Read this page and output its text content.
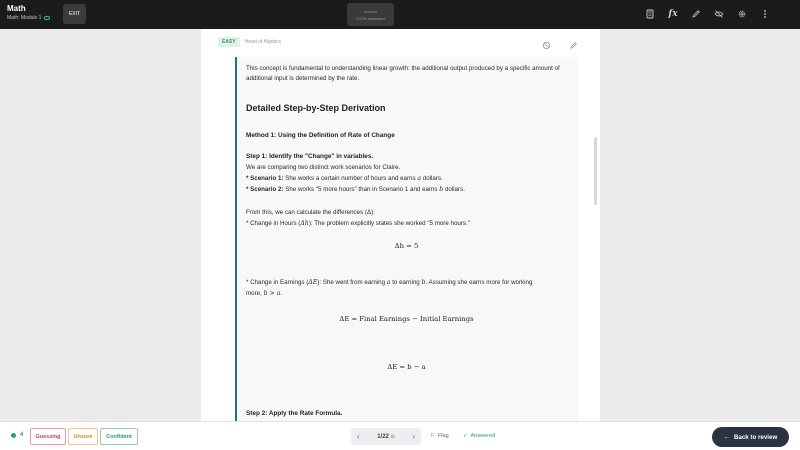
Math
Math: Module 1
EXIT	session
22/76 answered	fx
EASY	Heart of Algebra
This concept is fundamental to understanding linear growth: the additional output produced by a specific amount of additional input is determined by the rate.
Detailed Step-by-Step Derivation
Method 1: Using the Definition of Rate of Change
Step 1: Identify the "Change" in variables.
We are comparing two distinct work scenarios for Claire.
* Scenario 1: She works a certain number of hours and earns a dollars.
* Scenario 2: She works "5 more hours" than in Scenario 1 and earns b dollars.
From this, we can calculate the differences (Δ):
* Change in Hours (Δh): The problem explicitly states she worked "5 more hours."
Δh = 5
* Change in Earnings (ΔE): She went from earning a to earning b. Assuming she earns more for working
more, b > a.
ΔE = Final Earnings − Initial Earnings
ΔE = b − a
Step 2: Apply the Rate Formula.
4	Guessing	Unsure	Confident	‹	1/22 ⊞ ›	⚐ Flag	✓ Answered	← Back to review
